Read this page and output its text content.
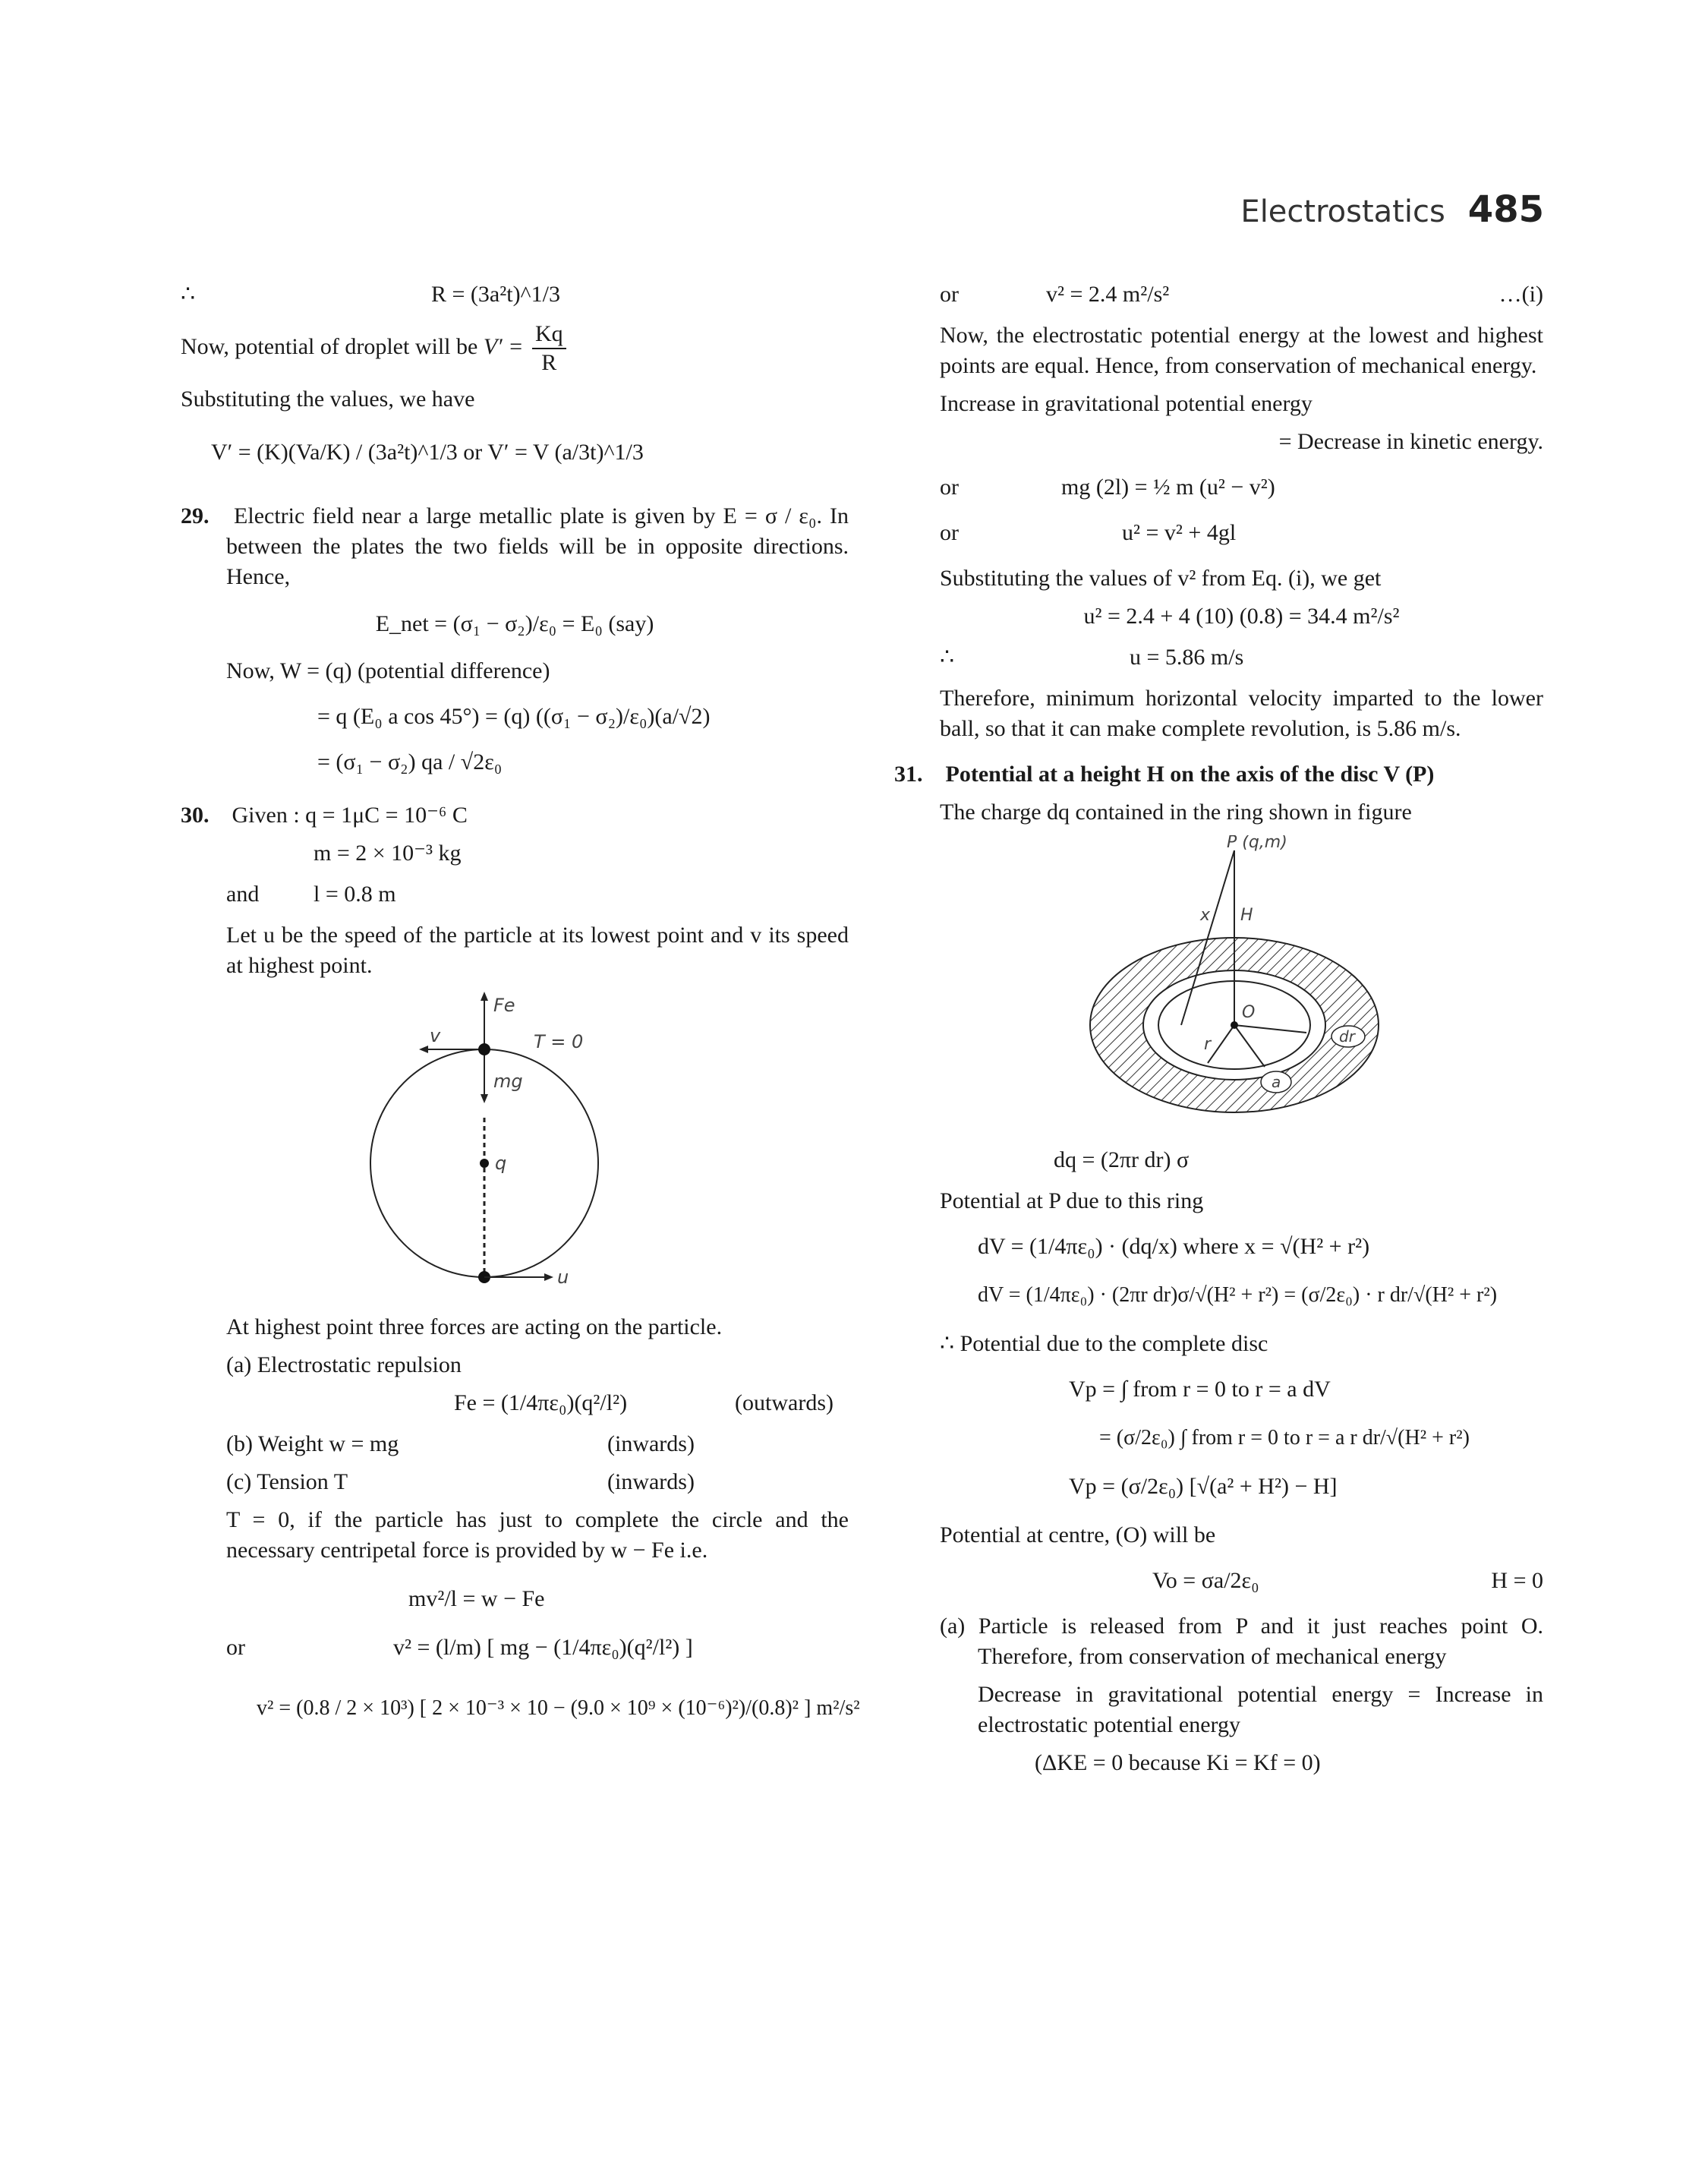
Electrostatics 485
∴	R = (3a²t)^1/3
Now, potential of droplet will be $V' = \frac{Kq}{R}$
Substituting the values, we have
V′ = (K)(Va/K) / (3a²t)^1/3 or V′ = V (a/3t)^1/3
29. Electric field near a large metallic plate is given by E = σ / ε₀. In between the plates the two fields will be in opposite directions. Hence,
E_net = (σ₁ − σ₂)/ε₀ = E₀ (say)
Now, W = (q) (potential difference)
= q (E₀ a cos 45°) = (q) ((σ₁ − σ₂)/ε₀)(a/√2)
= (σ₁ − σ₂) qa / √2ε₀
30. Given : q = 1μC = 10⁻⁶ C
m = 2 × 10⁻³ kg
and	l = 0.8 m
Let u be the speed of the particle at its lowest point and v its speed at highest point.
Fe
v	T = 0
mg
q
u
At highest point three forces are acting on the particle.
(a) Electrostatic repulsion
Fe = (1/4πε₀)(q²/l²)	(outwards)
(b) Weight w = mg	(inwards)
(c) Tension T	(inwards)
T = 0, if the particle has just to complete the circle and the necessary centripetal force is provided by w − Fe i.e.
mv²/l = w − Fe
or	v² = (l/m) [ mg − (1/4πε₀)(q²/l²) ]
v² = (0.8 / 2 × 10³) [ 2 × 10⁻³ × 10 − (9.0 × 10⁹ × (10⁻⁶)²)/(0.8)² ] m²/s²
or	v² = 2.4 m²/s²	…(i)
Now, the electrostatic potential energy at the lowest and highest points are equal. Hence, from conservation of mechanical energy.
Increase in gravitational potential energy
= Decrease in kinetic energy.
or	mg (2l) = ½ m (u² − v²)
or	u² = v² + 4gl
Substituting the values of v² from Eq. (i), we get
u² = 2.4 + 4 (10) (0.8) = 34.4 m²/s²
∴	u = 5.86 m/s
Therefore, minimum horizontal velocity imparted to the lower ball, so that it can make complete revolution, is 5.86 m/s.
31. Potential at a height H on the axis of the disc V (P)
The charge dq contained in the ring shown in figure
P (q,m)
x H
O
r	dr
a
dq = (2πr dr) σ
Potential at P due to this ring
dV = (1/4πε₀) · (dq/x) where x = √(H² + r²)
dV = (1/4πε₀) · (2πr dr)σ/√(H² + r²) = (σ/2ε₀) · r dr/√(H² + r²)
∴ Potential due to the complete disc
Vp = ∫ from r = 0 to r = a dV
= (σ/2ε₀) ∫ from r = 0 to r = a r dr/√(H² + r²)
Vp = (σ/2ε₀) [√(a² + H²) − H]
Potential at centre, (O) will be
Vo = σa/2ε₀	H = 0
(a) Particle is released from P and it just reaches point O. Therefore, from conservation of mechanical energy
Decrease in gravitational potential energy = Increase in electrostatic potential energy
(ΔKE = 0 because Ki = Kf = 0)
